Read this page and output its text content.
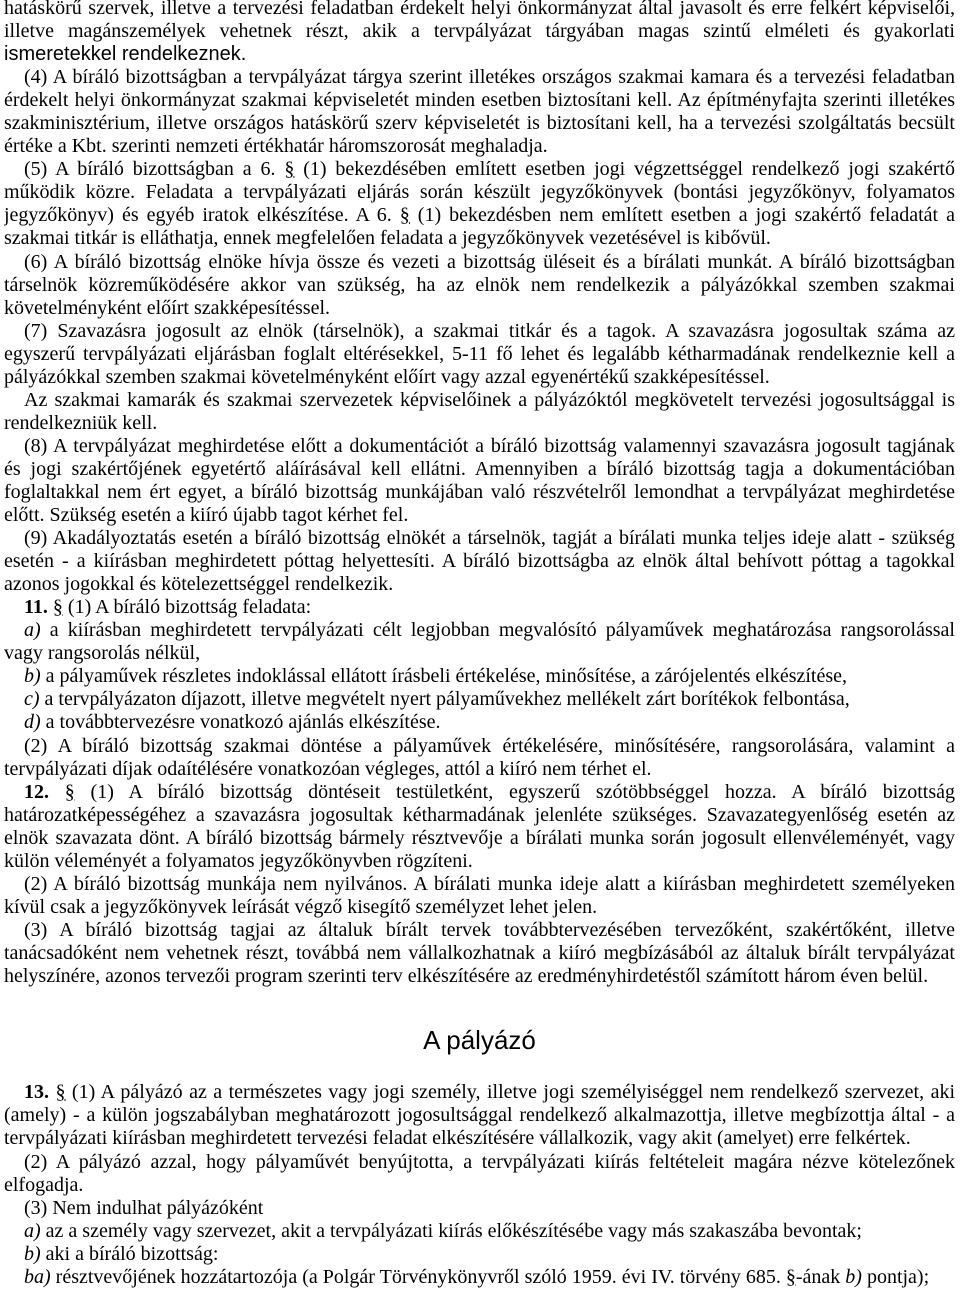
hatáskörű szervek, illetve a tervezési feladatban érdekelt helyi önkormányzat által javasolt és erre felkért képviselői,
illetve magánszemélyek vehetnek részt, akik a tervpályázat tárgyában magas szintű elméleti és gyakorlati
ismeretekkel rendelkeznek.
(4) A bíráló bizottságban a tervpályázat tárgya szerint illetékes országos szakmai kamara és a tervezési feladatban
érdekelt helyi önkormányzat szakmai képviseletét minden esetben biztosítani kell. Az építményfajta szerinti illetékes
szakminisztérium, illetve országos hatáskörű szerv képviseletét is biztosítani kell, ha a tervezési szolgáltatás becsült
értéke a Kbt. szerinti nemzeti értékhatár háromszorosát meghaladja.
(5) A bíráló bizottságban a 6. § (1) bekezdésében említett esetben jogi végzettséggel rendelkező jogi szakértő
működik közre. Feladata a tervpályázati eljárás során készült jegyzőkönyvek (bontási jegyzőkönyv, folyamatos
jegyzőkönyv) és egyéb iratok elkészítése. A 6. § (1) bekezdésben nem említett esetben a jogi szakértő feladatát a
szakmai titkár is elláthatja, ennek megfelelően feladata a jegyzőkönyvek vezetésével is kibővül.
(6) A bíráló bizottság elnöke hívja össze és vezeti a bizottság üléseit és a bírálati munkát. A bíráló bizottságban
társelnök közreműködésére akkor van szükség, ha az elnök nem rendelkezik a pályázókkal szemben szakmai
követelményként előírt szakképesítéssel.
(7) Szavazásra jogosult az elnök (társelnök), a szakmai titkár és a tagok. A szavazásra jogosultak száma az
egyszerű tervpályázati eljárásban foglalt eltérésekkel, 5-11 fő lehet és legalább kétharmadának rendelkeznie kell a
pályázókkal szemben szakmai követelményként előírt vagy azzal egyenértékű szakképesítéssel.
Az szakmai kamarák és szakmai szervezetek képviselőinek a pályázóktól megkövetelt tervezési jogosultsággal is
rendelkezniük kell.
(8) A tervpályázat meghirdetése előtt a dokumentációt a bíráló bizottság valamennyi szavazásra jogosult tagjának
és jogi szakértőjének egyetértő aláírásával kell ellátni. Amennyiben a bíráló bizottság tagja a dokumentációban
foglaltakkal nem ért egyet, a bíráló bizottság munkájában való részvételről lemondhat a tervpályázat meghirdetése
előtt. Szükség esetén a kiíró újabb tagot kérhet fel.
(9) Akadályoztatás esetén a bíráló bizottság elnökét a társelnök, tagját a bírálati munka teljes ideje alatt - szükség
esetén - a kiírásban meghirdetett póttag helyettesíti. A bíráló bizottságba az elnök által behívott póttag a tagokkal
azonos jogokkal és kötelezettséggel rendelkezik.
11. § (1) A bíráló bizottság feladata:
a) a kiírásban meghirdetett tervpályázati célt legjobban megvalósító pályaművek meghatározása rangsorolással
vagy rangsorolás nélkül,
b) a pályaművek részletes indoklással ellátott írásbeli értékelése, minősítése, a zárójelentés elkészítése,
c) a tervpályázaton díjazott, illetve megvételt nyert pályaművekhez mellékelt zárt borítékok felbontása,
d) a továbbtervezésre vonatkozó ajánlás elkészítése.
(2) A bíráló bizottság szakmai döntése a pályaművek értékelésére, minősítésére, rangsorolására, valamint a
tervpályázati díjak odaítélésére vonatkozóan végleges, attól a kiíró nem térhet el.
12. § (1) A bíráló bizottság döntéseit testületként, egyszerű szótöbbséggel hozza. A bíráló bizottság
határozatképességéhez a szavazásra jogosultak kétharmadának jelenléte szükséges. Szavazategyenlőség esetén az
elnök szavazata dönt. A bíráló bizottság bármely résztvevője a bírálati munka során jogosult ellenvéleményét, vagy
külön véleményét a folyamatos jegyzőkönyvben rögzíteni.
(2) A bíráló bizottság munkája nem nyilvános. A bírálati munka ideje alatt a kiírásban meghirdetett személyeken
kívül csak a jegyzőkönyvek leírását végző kisegítő személyzet lehet jelen.
(3) A bíráló bizottság tagjai az általuk bírált tervek továbbtervezésében tervezőként, szakértőként, illetve
tanácsadóként nem vehetnek részt, továbbá nem vállalkozhatnak a kiíró megbízásából az általuk bírált tervpályázat
helyszínére, azonos tervezői program szerinti terv elkészítésére az eredményhirdetéstől számított három éven belül.
A pályázó
13. § (1) A pályázó az a természetes vagy jogi személy, illetve jogi személyiséggel nem rendelkező szervezet, aki
(amely) - a külön jogszabályban meghatározott jogosultsággal rendelkező alkalmazottja, illetve megbízottja által - a
tervpályázati kiírásban meghirdetett tervezési feladat elkészítésére vállalkozik, vagy akit (amelyet) erre felkértek.
(2) A pályázó azzal, hogy pályaművét benyújtotta, a tervpályázati kiírás feltételeit magára nézve kötelezőnek
elfogadja.
(3) Nem indulhat pályázóként
a) az a személy vagy szervezet, akit a tervpályázati kiírás előkészítésébe vagy más szakaszába bevontak;
b) aki a bíráló bizottság:
ba) résztvevőjének hozzátartozója (a Polgár Törvénykönyvről szóló 1959. évi IV. törvény 685. §-ának b) pontja);
